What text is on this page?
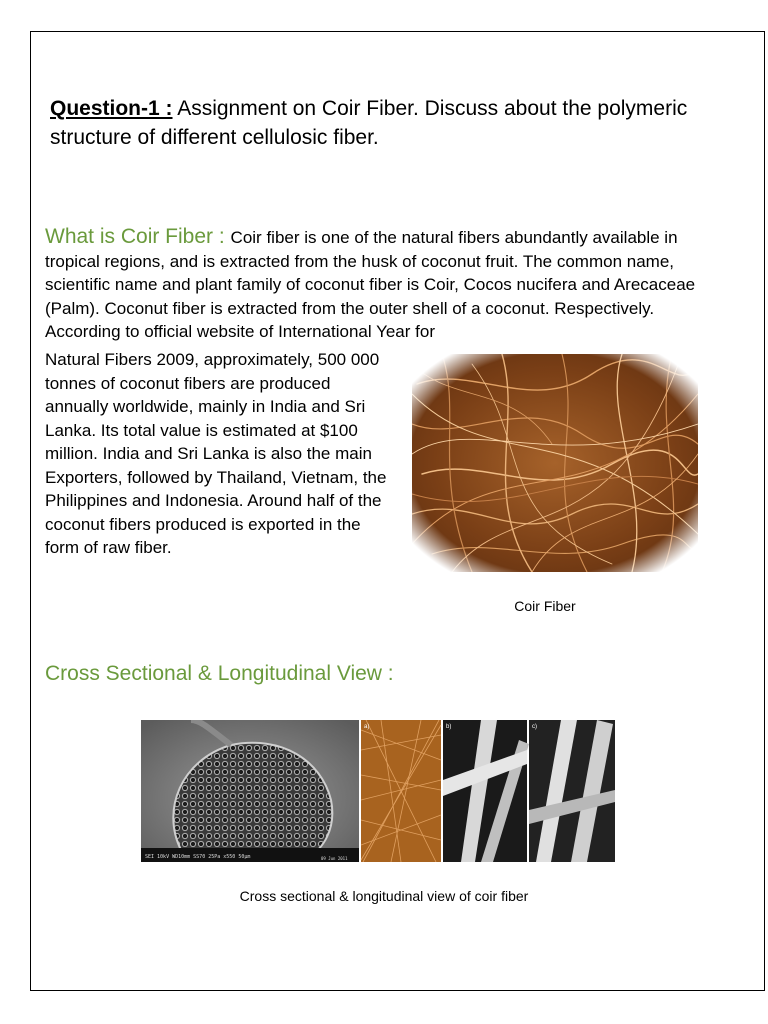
Question-1 : Assignment on Coir Fiber. Discuss about the polymeric structure of different cellulosic fiber.
What is Coir Fiber : Coir fiber is one of the natural fibers abundantly available in tropical regions, and is extracted from the husk of coconut fruit. The common name, scientific name and plant family of coconut fiber is Coir, Cocos nucifera and Arecaceae (Palm). Coconut fiber is extracted from the outer shell of a coconut. Respectively. According to official website of International Year for
Natural Fibers 2009, approximately, 500 000 tonnes of coconut fibers are produced annually worldwide, mainly in India and Sri Lanka. Its total value is estimated at $100 million. India and Sri Lanka is also the main Exporters, followed by Thailand, Vietnam, the Philippines and Indonesia. Around half of the coconut fibers produced is exported in the form of raw fiber.
Coir Fiber
Cross Sectional & Longitudinal View :
SEI 10kV WD10mm SS70 25Pa x550 50μm	09 Jun 2011
a)	b)	c)
Cross sectional & longitudinal view of coir fiber
